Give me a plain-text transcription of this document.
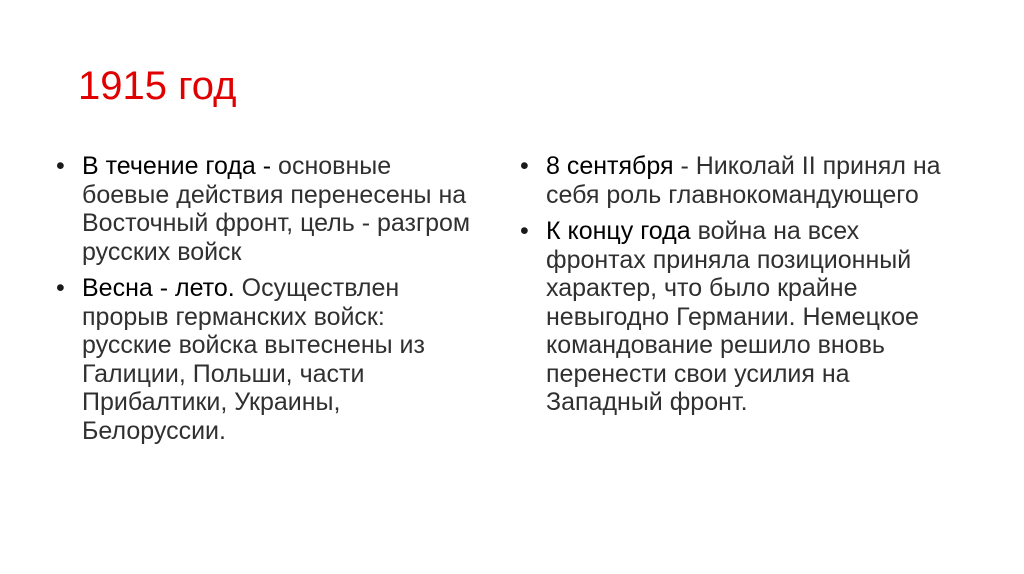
1915 год
• В течение года - основные боевые действия перенесены на Восточный фронт, цель - разгром русских войск
• Весна - лето. Осуществлен прорыв германских войск: русские войска вытеснены из Галиции, Польши, части Прибалтики, Украины, Белоруссии.
• 8 сентября - Николай II принял на себя роль главнокомандующего
• К концу года война на всех фронтах приняла позиционный характер, что было крайне невыгодно Германии. Немецкое командование решило вновь перенести свои усилия на Западный фронт.
